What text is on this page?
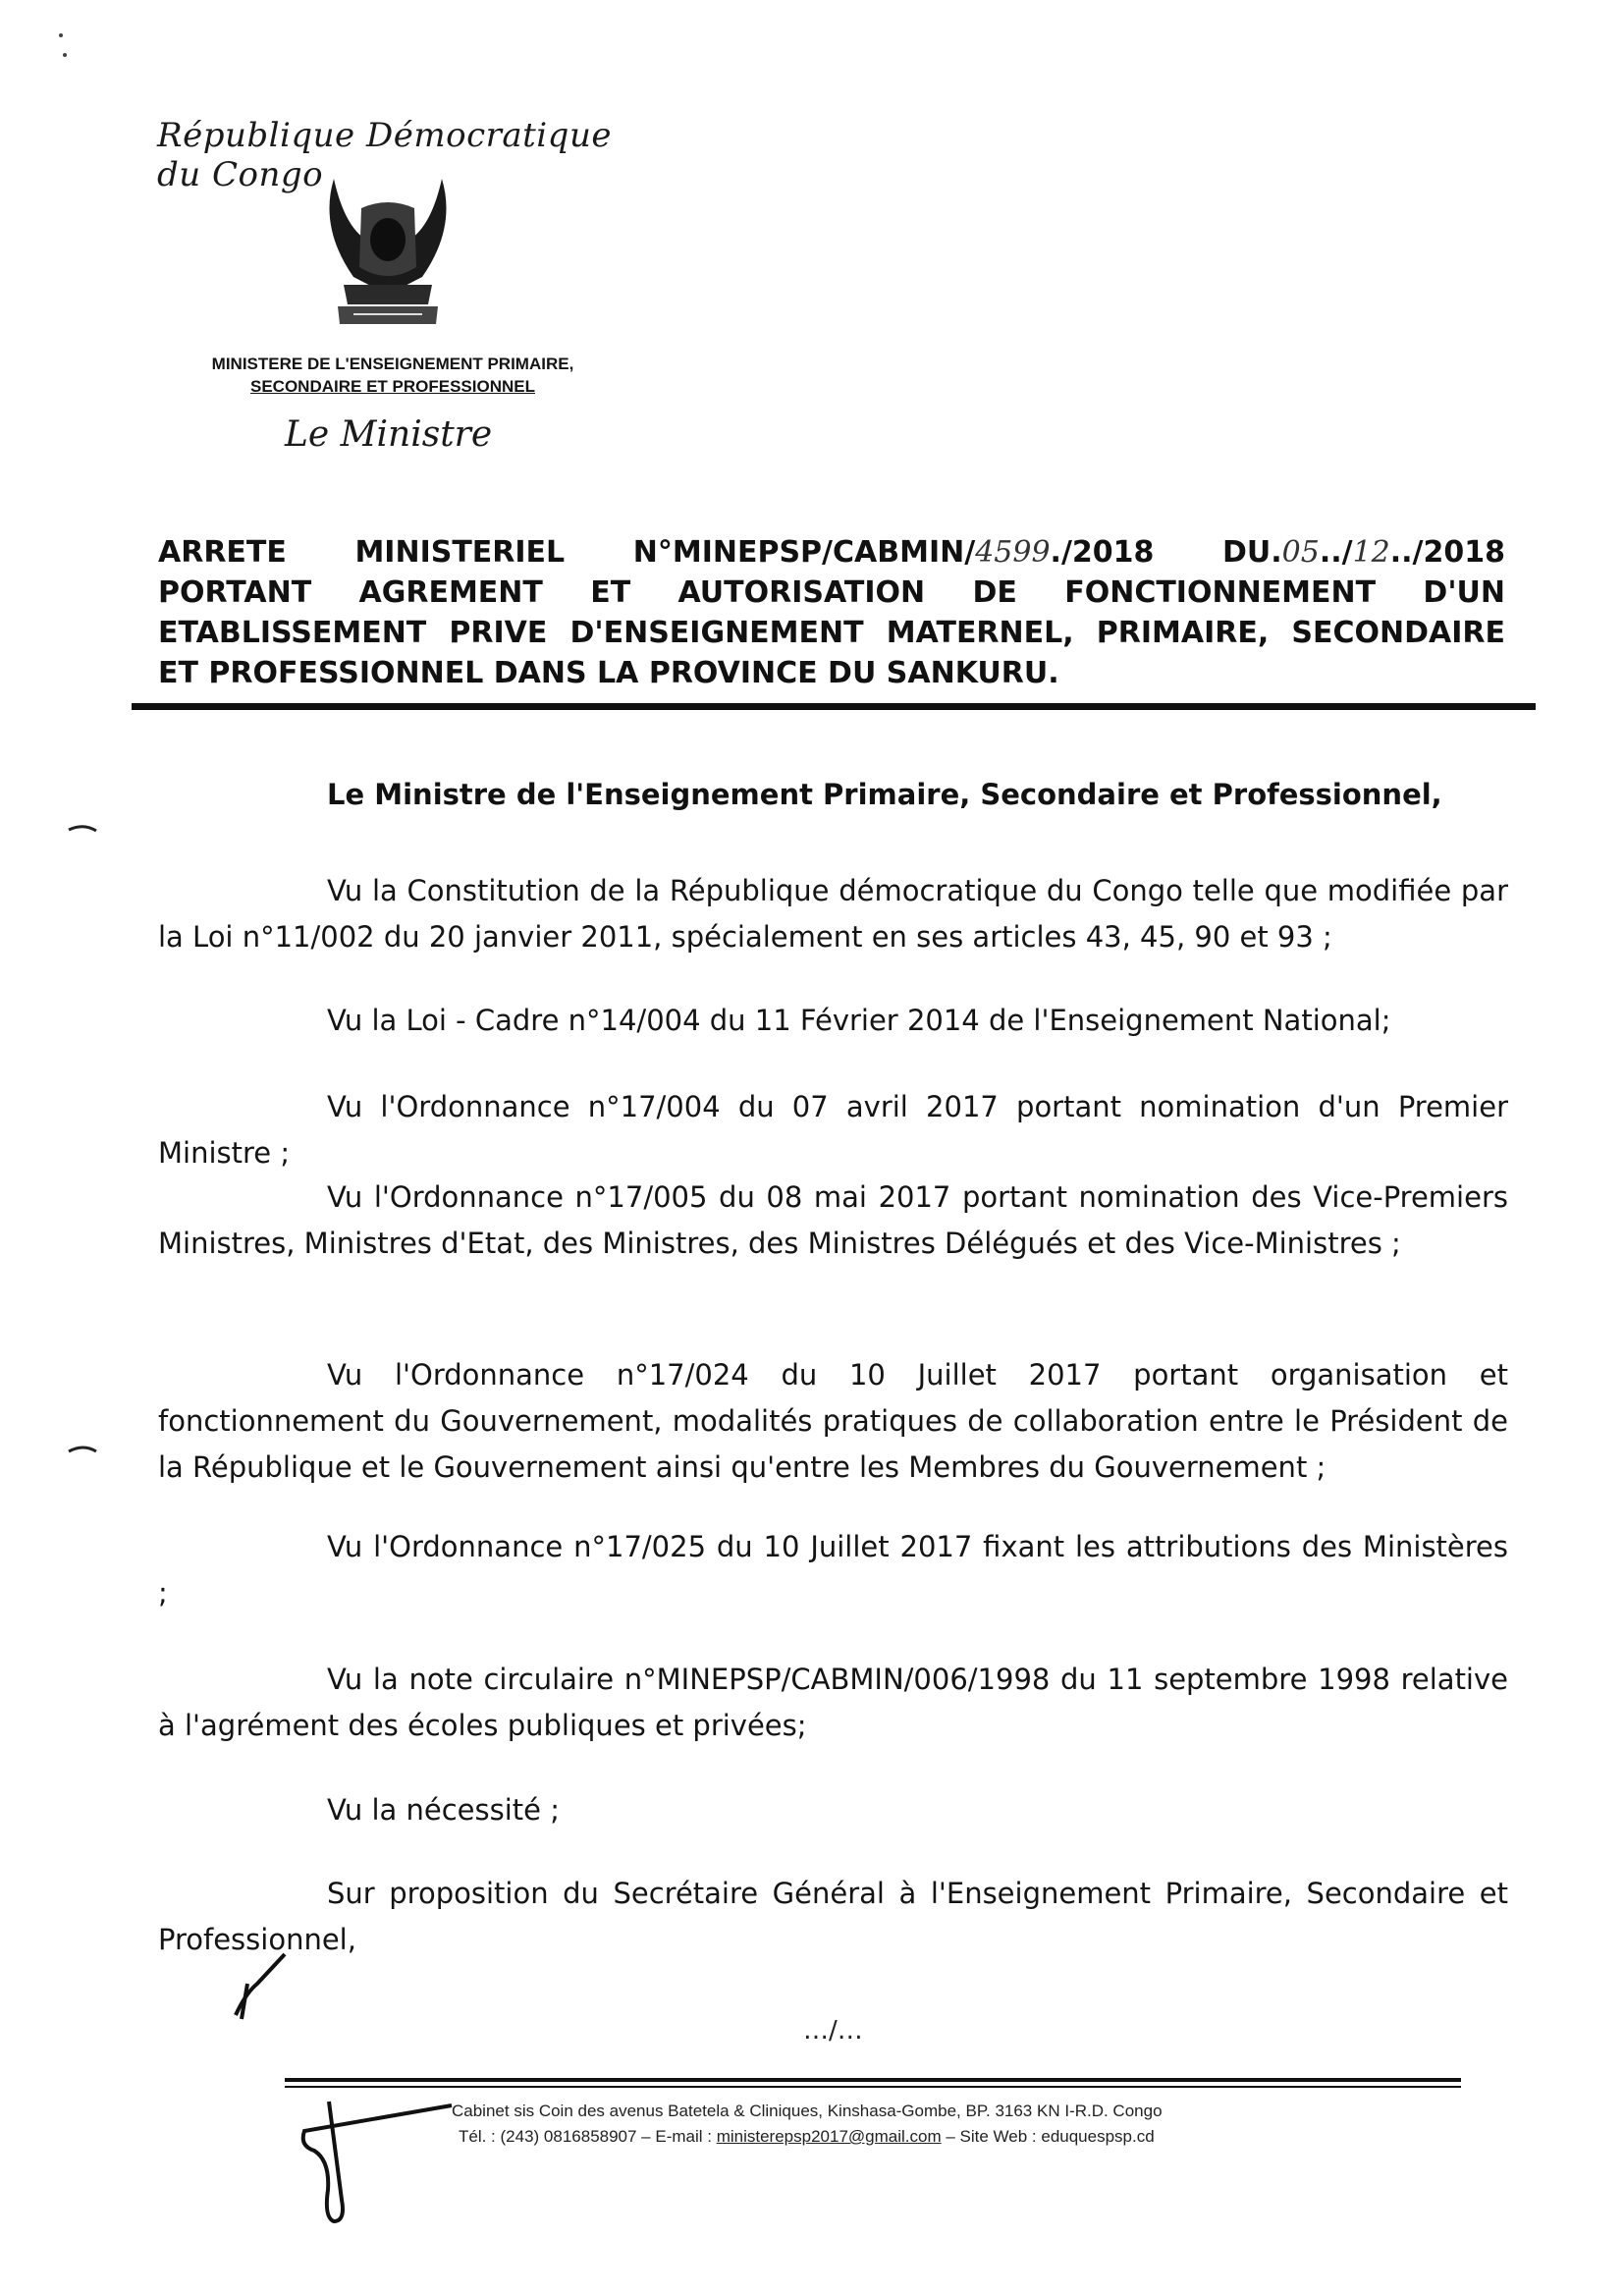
République Démocratique du Congo
MINISTERE DE L'ENSEIGNEMENT PRIMAIRE,
SECONDAIRE ET PROFESSIONNEL
Le Ministre
ARRETE MINISTERIEL N°MINEPSP/CABMIN/4599./2018 DU.05../12../2018
PORTANT AGREMENT ET AUTORISATION DE FONCTIONNEMENT D'UN
ETABLISSEMENT PRIVE D'ENSEIGNEMENT MATERNEL, PRIMAIRE, SECONDAIRE
ET PROFESSIONNEL DANS LA PROVINCE DU SANKURU.
Le Ministre de l'Enseignement Primaire, Secondaire et Professionnel,
Vu la Constitution de la République démocratique du Congo telle que modifiée par la Loi n°11/002 du 20 janvier 2011, spécialement en ses articles 43, 45, 90 et 93 ;
Vu la Loi - Cadre n°14/004 du 11 Février 2014 de l'Enseignement National;
Vu l'Ordonnance n°17/004 du 07 avril 2017 portant nomination d'un Premier Ministre ;
Vu l'Ordonnance n°17/005 du 08 mai 2017 portant nomination des Vice-Premiers Ministres, Ministres d'Etat, des Ministres, des Ministres Délégués et des Vice-Ministres ;
Vu l'Ordonnance n°17/024 du 10 Juillet 2017 portant organisation et fonctionnement du Gouvernement, modalités pratiques de collaboration entre le Président de la République et le Gouvernement ainsi qu'entre les Membres du Gouvernement ;
Vu l'Ordonnance n°17/025 du 10 Juillet 2017 fixant les attributions des Ministères ;
Vu la note circulaire n°MINEPSP/CABMIN/006/1998 du 11 septembre 1998 relative à l'agrément des écoles publiques et privées;
Vu la nécessité ;
Sur proposition du Secrétaire Général à l'Enseignement Primaire, Secondaire et Professionnel,
…/…
Cabinet sis Coin des avenus Batetela & Cliniques, Kinshasa-Gombe, BP. 3163 KN I-R.D. Congo
Tél. : (243) 0816858907 – E-mail : ministerepsp2017@gmail.com – Site Web : eduquespsp.cd
